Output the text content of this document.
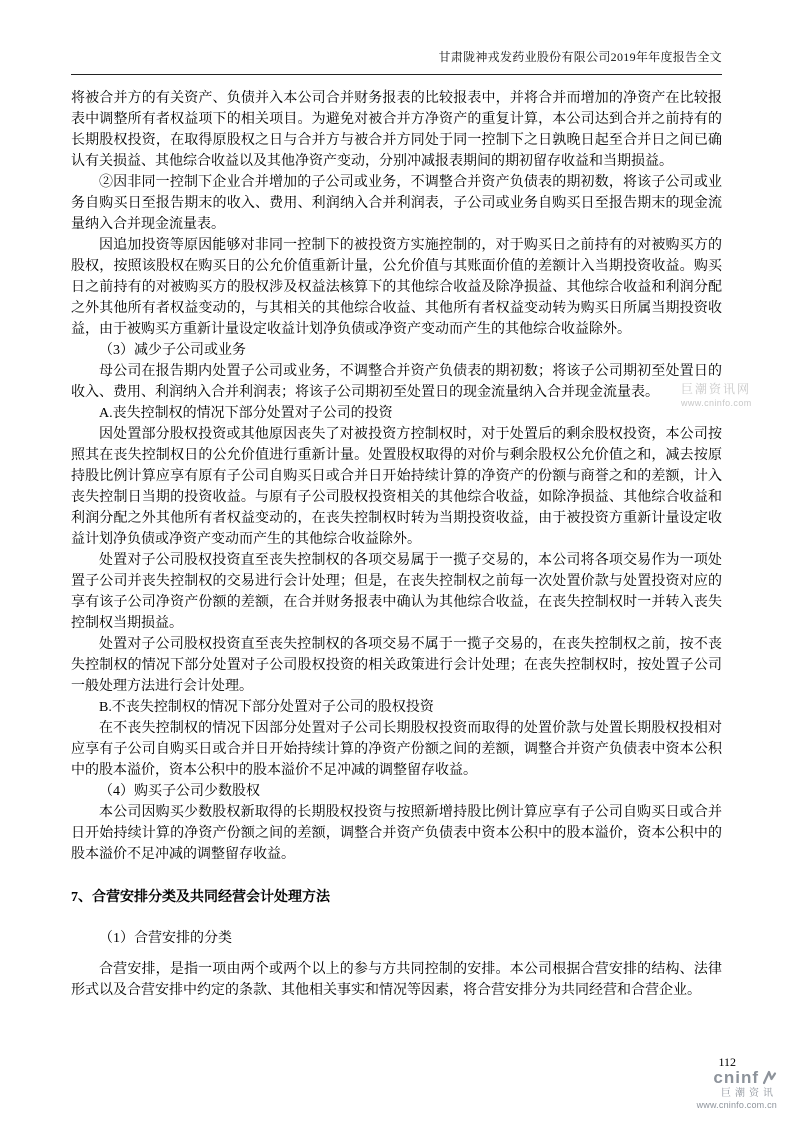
甘肃陇神戎发药业股份有限公司2019年年度报告全文

将被合并方的有关资产、负债并入本公司合并财务报表的比较报表中，并将合并而增加的净资产在比较报表中调整所有者权益项下的相关项目。为避免对被合并方净资产的重复计算，本公司达到合并之前持有的长期股权投资，在取得原股权之日与合并方与被合并方同处于同一控制下之日孰晚日起至合并日之间已确认有关损益、其他综合收益以及其他净资产变动，分别冲减报表期间的期初留存收益和当期损益。

②因非同一控制下企业合并增加的子公司或业务，不调整合并资产负债表的期初数，将该子公司或业务自购买日至报告期末的收入、费用、利润纳入合并利润表，子公司或业务自购买日至报告期末的现金流量纳入合并现金流量表。

因追加投资等原因能够对非同一控制下的被投资方实施控制的，对于购买日之前持有的对被购买方的股权，按照该股权在购买日的公允价值重新计量，公允价值与其账面价值的差额计入当期投资收益。购买日之前持有的对被购买方的股权涉及权益法核算下的其他综合收益及除净损益、其他综合收益和利润分配之外其他所有者权益变动的，与其相关的其他综合收益、其他所有者权益变动转为购买日所属当期投资收益，由于被购买方重新计量设定收益计划净负债或净资产变动而产生的其他综合收益除外。

（3）减少子公司或业务

母公司在报告期内处置子公司或业务，不调整合并资产负债表的期初数；将该子公司期初至处置日的收入、费用、利润纳入合并利润表；将该子公司期初至处置日的现金流量纳入合并现金流量表。

A.丧失控制权的情况下部分处置对子公司的投资

因处置部分股权投资或其他原因丧失了对被投资方控制权时，对于处置后的剩余股权投资，本公司按照其在丧失控制权日的公允价值进行重新计量。处置股权取得的对价与剩余股权公允价值之和，减去按原持股比例计算应享有原有子公司自购买日或合并日开始持续计算的净资产的份额与商誉之和的差额，计入丧失控制日当期的投资收益。与原有子公司股权投资相关的其他综合收益，如除净损益、其他综合收益和利润分配之外其他所有者权益变动的，在丧失控制权时转为当期投资收益，由于被投资方重新计量设定收益计划净负债或净资产变动而产生的其他综合收益除外。

处置对子公司股权投资直至丧失控制权的各项交易属于一揽子交易的，本公司将各项交易作为一项处置子公司并丧失控制权的交易进行会计处理；但是，在丧失控制权之前每一次处置价款与处置投资对应的享有该子公司净资产份额的差额，在合并财务报表中确认为其他综合收益，在丧失控制权时一并转入丧失控制权当期损益。

处置对子公司股权投资直至丧失控制权的各项交易不属于一揽子交易的，在丧失控制权之前，按不丧失控制权的情况下部分处置对子公司股权投资的相关政策进行会计处理；在丧失控制权时，按处置子公司一般处理方法进行会计处理。

B.不丧失控制权的情况下部分处置对子公司的股权投资

在不丧失控制权的情况下因部分处置对子公司长期股权投资而取得的处置价款与处置长期股权投相对应享有子公司自购买日或合并日开始持续计算的净资产份额之间的差额，调整合并资产负债表中资本公积中的股本溢价，资本公积中的股本溢价不足冲减的调整留存收益。

（4）购买子公司少数股权

本公司因购买少数股权新取得的长期股权投资与按照新增持股比例计算应享有子公司自购买日或合并日开始持续计算的净资产份额之间的差额，调整合并资产负债表中资本公积中的股本溢价，资本公积中的股本溢价不足冲减的调整留存收益。

7、合营安排分类及共同经营会计处理方法

（1）合营安排的分类

合营安排，是指一项由两个或两个以上的参与方共同控制的安排。本公司根据合营安排的结构、法律形式以及合营安排中约定的条款、其他相关事实和情况等因素，将合营安排分为共同经营和合营企业。

巨潮资讯网
www.cninfo.com
112
cninf
巨潮资讯
www.cninfo.com.cn
